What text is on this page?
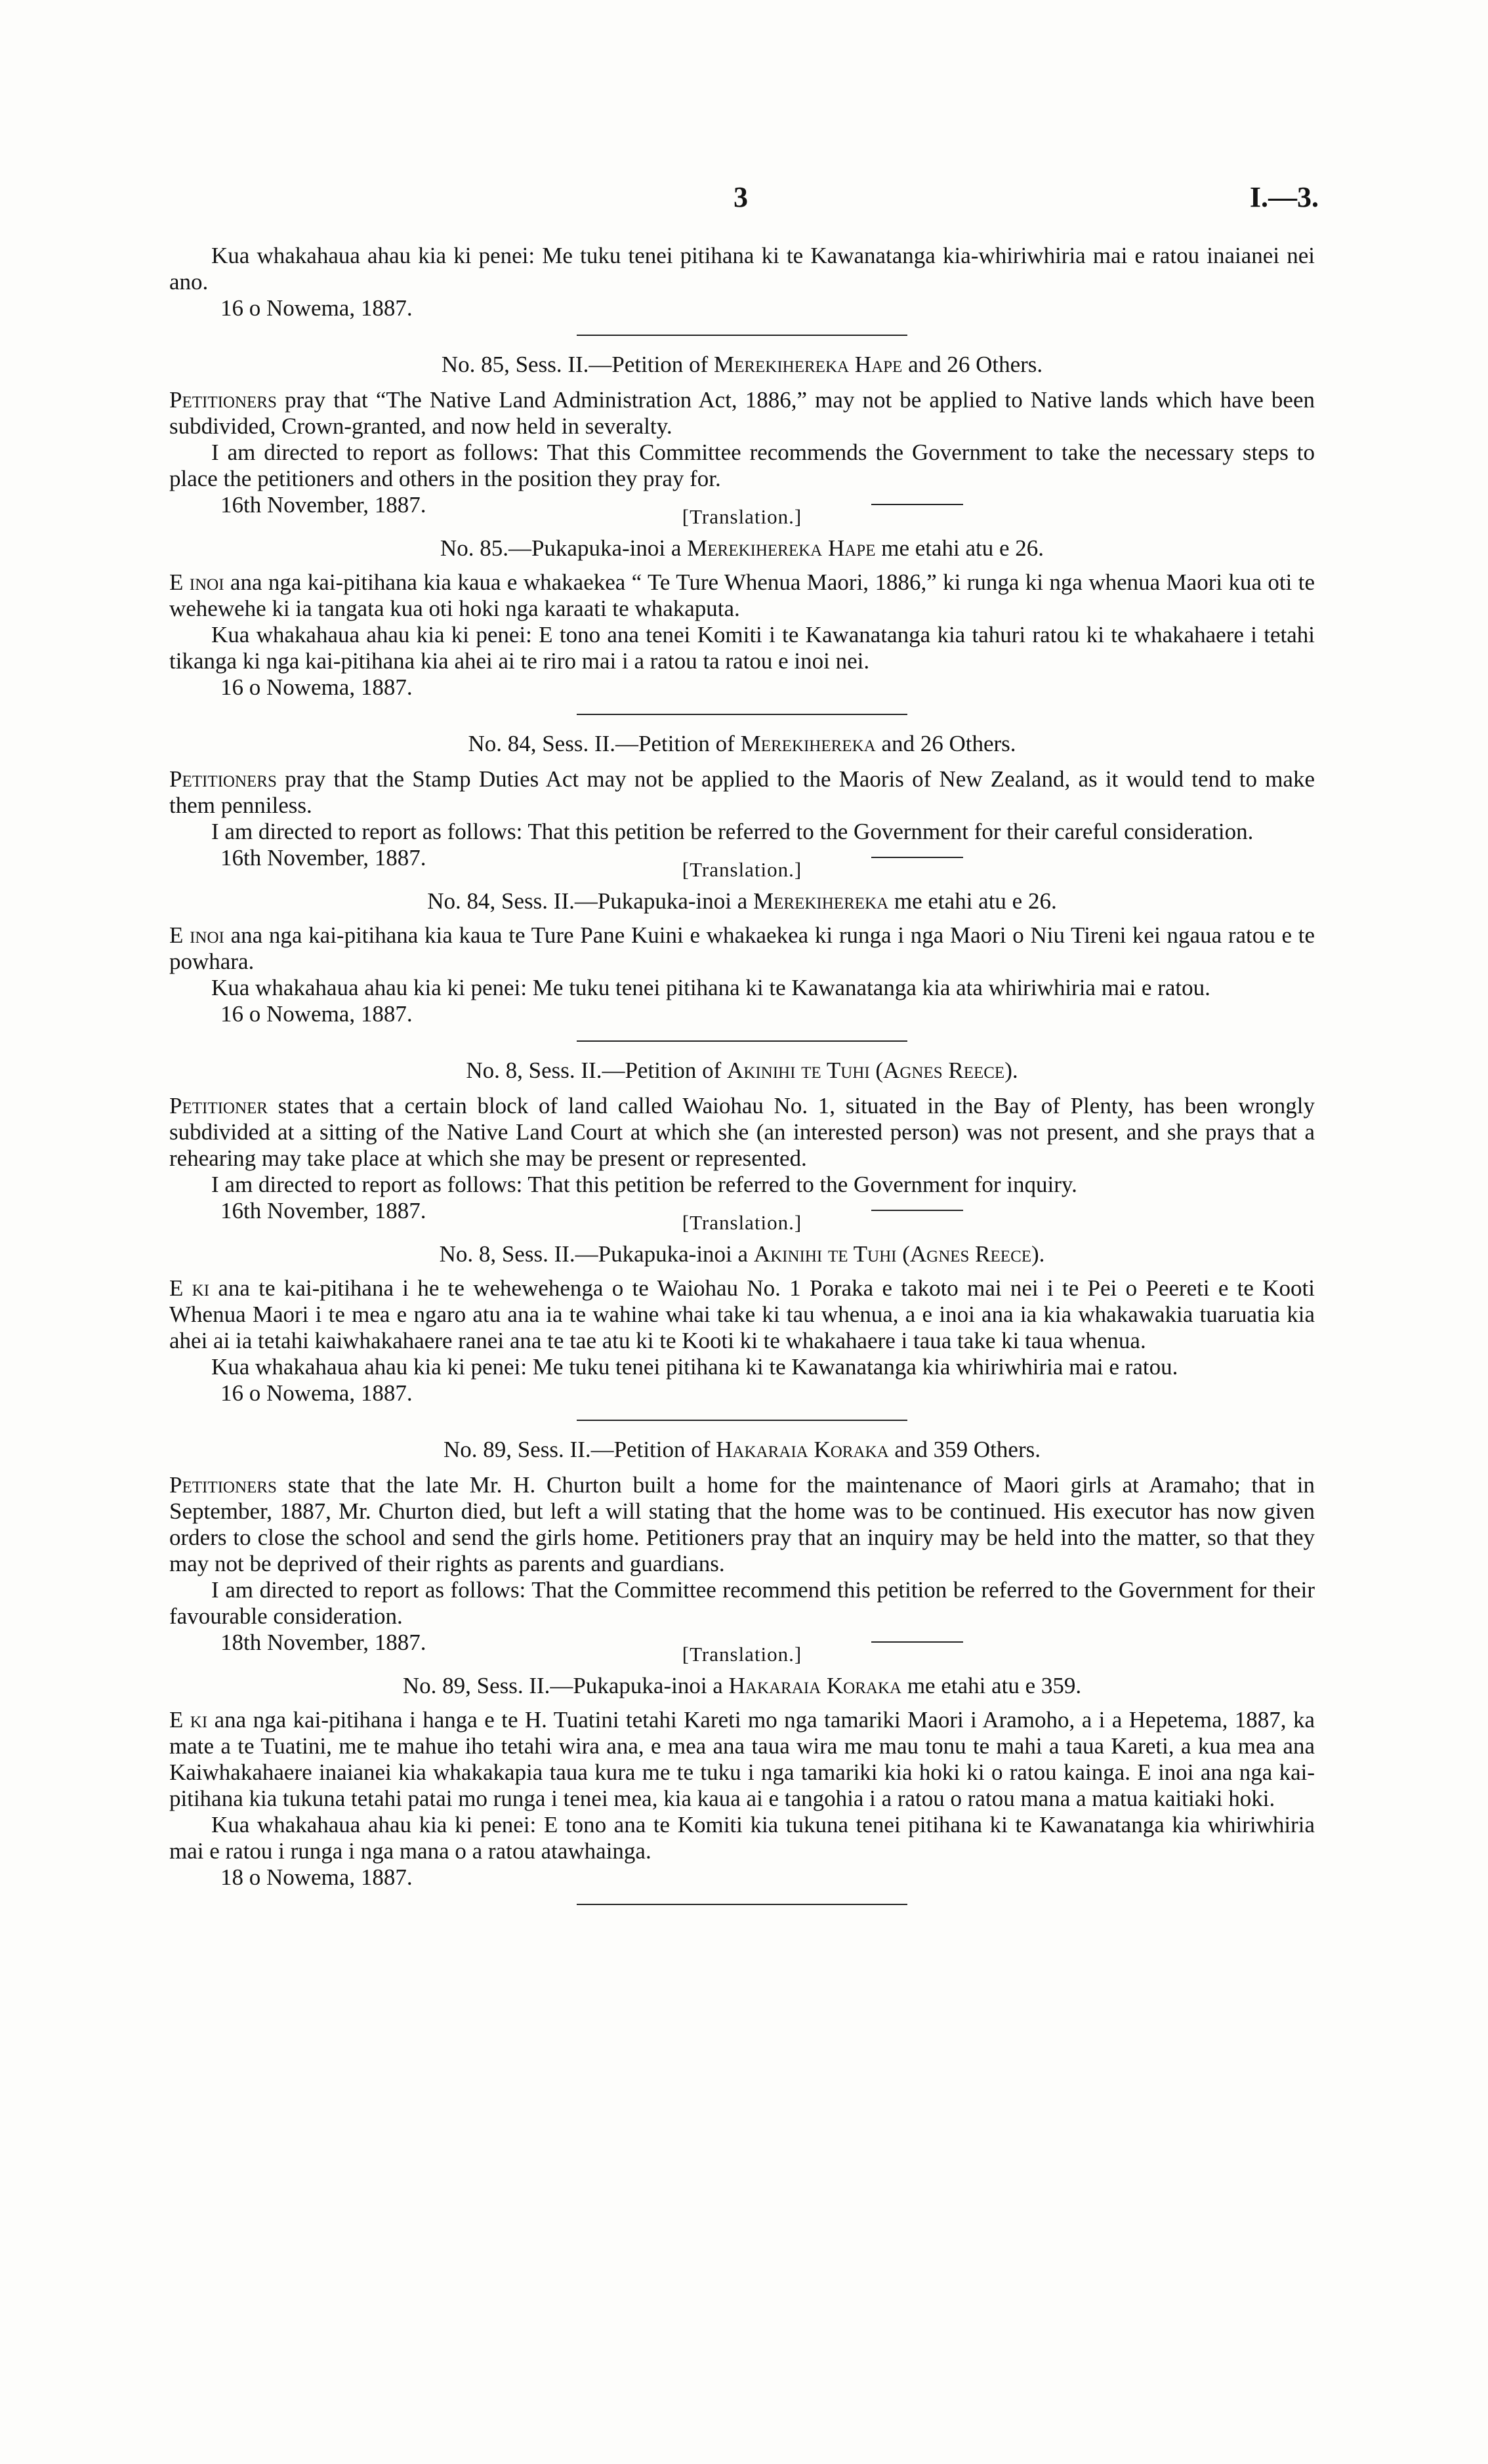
3	I.—3.

Kua whakahaua ahau kia ki penei: Me tuku tenei pitihana ki te Kawanatanga kia-whiriwhiria mai e ratou inaianei nei ano.

16 o Nowema, 1887.

No. 85, Sess. II.—Petition of Merekihereka Hape and 26 Others.

Petitioners pray that “The Native Land Administration Act, 1886,” may not be applied to Native lands which have been subdivided, Crown-granted, and now held in severalty.

I am directed to report as follows: That this Committee recommends the Government to take the necessary steps to place the petitioners and others in the position they pray for.

16th November, 1887.	[Translation.]

No. 85.—Pukapuka-inoi a Merekihereka Hape me etahi atu e 26.

E inoi ana nga kai-pitihana kia kaua e whakaekea “ Te Ture Whenua Maori, 1886,” ki runga ki nga whenua Maori kua oti te wehewehe ki ia tangata kua oti hoki nga karaati te whakaputa.

Kua whakahaua ahau kia ki penei: E tono ana tenei Komiti i te Kawanatanga kia tahuri ratou ki te whakahaere i tetahi tikanga ki nga kai-pitihana kia ahei ai te riro mai i a ratou ta ratou e inoi nei.

16 o Nowema, 1887.

No. 84, Sess. II.—Petition of Merekihereka and 26 Others.

Petitioners pray that the Stamp Duties Act may not be applied to the Maoris of New Zealand, as it would tend to make them penniless.

I am directed to report as follows: That this petition be referred to the Government for their careful consideration.

16th November, 1887.	[Translation.]

No. 84, Sess. II.—Pukapuka-inoi a Merekihereka me etahi atu e 26.

E inoi ana nga kai-pitihana kia kaua te Ture Pane Kuini e whakaekea ki runga i nga Maori o Niu Tireni kei ngaua ratou e te powhara.

Kua whakahaua ahau kia ki penei: Me tuku tenei pitihana ki te Kawanatanga kia ata whiriwhiria mai e ratou.

16 o Nowema, 1887.

No. 8, Sess. II.—Petition of Akinihi te Tuhi (Agnes Reece).

Petitioner states that a certain block of land called Waiohau No. 1, situated in the Bay of Plenty, has been wrongly subdivided at a sitting of the Native Land Court at which she (an interested person) was not present, and she prays that a rehearing may take place at which she may be present or represented.

I am directed to report as follows: That this petition be referred to the Government for inquiry.

16th November, 1887.	[Translation.]

No. 8, Sess. II.—Pukapuka-inoi a Akinihi te Tuhi (Agnes Reece).

E ki ana te kai-pitihana i he te wehewehenga o te Waiohau No. 1 Poraka e takoto mai nei i te Pei o Peereti e te Kooti Whenua Maori i te mea e ngaro atu ana ia te wahine whai take ki tau whenua, a e inoi ana ia kia whakawakia tuaruatia kia ahei ai ia tetahi kaiwhakahaere ranei ana te tae atu ki te Kooti ki te whakahaere i taua take ki taua whenua.

Kua whakahaua ahau kia ki penei: Me tuku tenei pitihana ki te Kawanatanga kia whiriwhiria mai e ratou.

16 o Nowema, 1887.

No. 89, Sess. II.—Petition of Hakaraia Koraka and 359 Others.

Petitioners state that the late Mr. H. Churton built a home for the maintenance of Maori girls at Aramaho; that in September, 1887, Mr. Churton died, but left a will stating that the home was to be continued. His executor has now given orders to close the school and send the girls home. Petitioners pray that an inquiry may be held into the matter, so that they may not be deprived of their rights as parents and guardians.

I am directed to report as follows: That the Committee recommend this petition be referred to the Government for their favourable consideration.

18th November, 1887.	[Translation.]

No. 89, Sess. II.—Pukapuka-inoi a Hakaraia Koraka me etahi atu e 359.

E ki ana nga kai-pitihana i hanga e te H. Tuatini tetahi Kareti mo nga tamariki Maori i Aramoho, a i a Hepetema, 1887, ka mate a te Tuatini, me te mahue iho tetahi wira ana, e mea ana taua wira me mau tonu te mahi a taua Kareti, a kua mea ana Kaiwhakahaere inaianei kia whakakapia taua kura me te tuku i nga tamariki kia hoki ki o ratou kainga. E inoi ana nga kai-pitihana kia tukuna tetahi patai mo runga i tenei mea, kia kaua ai e tangohia i a ratou o ratou mana a matua kaitiaki hoki.

Kua whakahaua ahau kia ki penei: E tono ana te Komiti kia tukuna tenei pitihana ki te Kawanatanga kia whiriwhiria mai e ratou i runga i nga mana o a ratou atawhainga.

18 o Nowema, 1887.
